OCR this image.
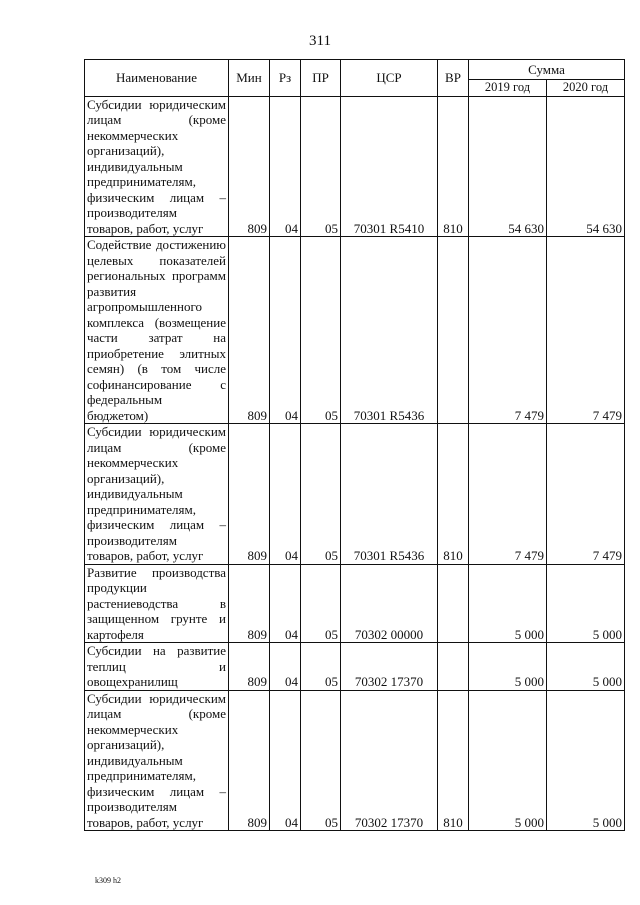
311
Наименование	Мин	Рз	ПР	ЦСР	ВР	Сумма	
						2019 год	2020 год
Субсидии юридическим лицам (кроме некоммерческих организаций), индивидуальным предпринимателям, физическим лицам – производителям товаров, работ, услуг	809	04	05	70301 R5410	810	54 630	54 630
Содействие достижению целевых показателей региональных программ развития агропромышленного комплекса (возмещение части затрат на приобретение элитных семян) (в том числе софинансирование с федеральным бюджетом)	809	04	05	70301 R5436		7 479	7 479
Субсидии юридическим лицам (кроме некоммерческих организаций), индивидуальным предпринимателям, физическим лицам – производителям товаров, работ, услуг	809	04	05	70301 R5436	810	7 479	7 479
Развитие производства продукции растениеводства в защищенном грунте и картофеля	809	04	05	70302 00000		5 000	5 000
Субсидии на развитие теплиц и овощехранилищ	809	04	05	70302 17370		5 000	5 000
Субсидии юридическим лицам (кроме некоммерческих организаций), индивидуальным предпринимателям, физическим лицам – производителям товаров, работ, услуг	809	04	05	70302 17370	810	5 000	5 000
k309 h2
